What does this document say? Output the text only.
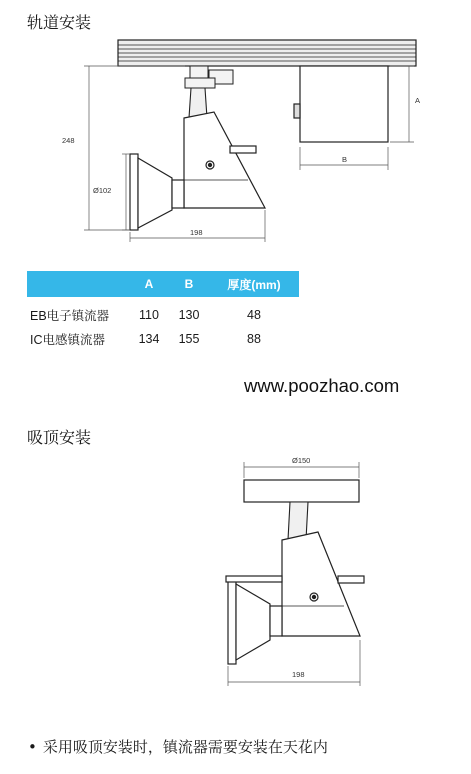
轨道安装
248
Ø102
198
A
B
	A	B	厚度(mm)
EB电子镇流器	110	130	48
IC电感镇流器	134	155	88
www.poozhao.com
吸顶安装
Ø150
198
• 采用吸顶安装时，镇流器需要安装在天花内
